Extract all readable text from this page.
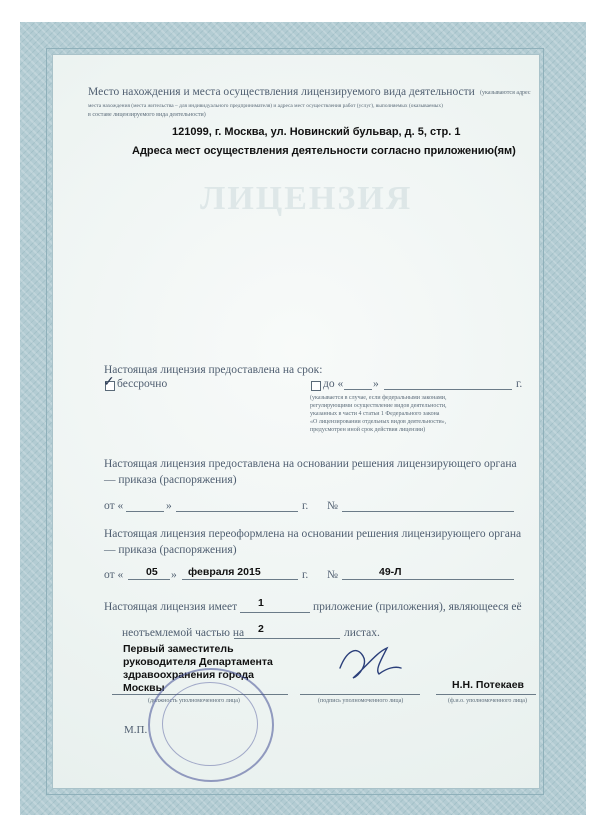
ЛИЦЕНЗИЯ
Место нахождения и места осуществления лицензируемого вида деятельности (указываются адрес
места нахождения (места жительства – для индивидуального предпринимателя) и адреса мест осуществления работ (услуг), выполняемых (оказываемых)
в составе лицензируемого вида деятельности)
121099, г. Москва, ул. Новинский бульвар, д. 5, стр. 1
Адреса мест осуществления деятельности согласно приложению(ям)
Настоящая лицензия предоставлена на срок:
✓ бессрочно	до «	»	г.
(указывается в случае, если федеральными законами,
регулирующими осуществление видов деятельности,
указанных в части 4 статьи 1 Федерального закона
«О лицензировании отдельных видов деятельности»,
предусмотрен иной срок действия лицензии)
Настоящая лицензия предоставлена на основании решения лицензирующего органа
— приказа (распоряжения)
от «	»	г. №
Настоящая лицензия переоформлена на основании решения лицензирующего органа
— приказа (распоряжения)
от « 05 » февраля 2015	г. №	49-Л
Настоящая лицензия имеет 1	приложение (приложения), являющееся её
неотъемлемой частью на 2	листах.
Первый заместитель
руководителя Департамента
здравоохранения города
Москвы
(должность уполномоченного лица)	(подпись уполномоченного лица)
Н.Н. Потекаев
(ф.и.о. уполномоченного лица)
М.П.
